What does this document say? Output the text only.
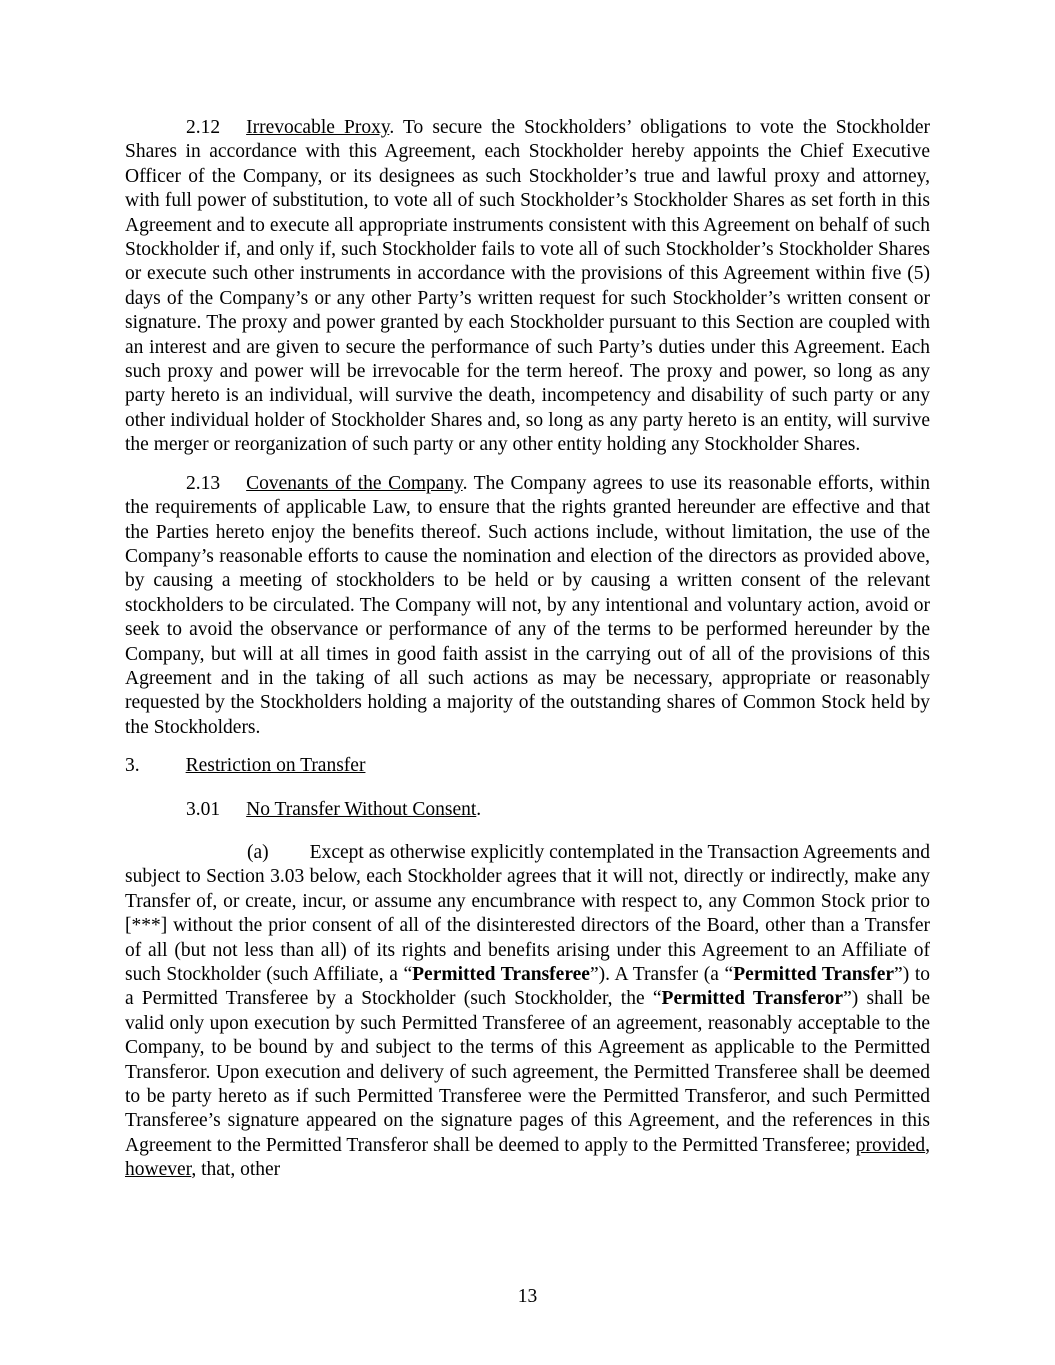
2.12 Irrevocable Proxy. To secure the Stockholders’ obligations to vote the Stockholder Shares in accordance with this Agreement, each Stockholder hereby appoints the Chief Executive Officer of the Company, or its designees as such Stockholder’s true and lawful proxy and attorney, with full power of substitution, to vote all of such Stockholder’s Stockholder Shares as set forth in this Agreement and to execute all appropriate instruments consistent with this Agreement on behalf of such Stockholder if, and only if, such Stockholder fails to vote all of such Stockholder’s Stockholder Shares or execute such other instruments in accordance with the provisions of this Agreement within five (5) days of the Company’s or any other Party’s written request for such Stockholder’s written consent or signature. The proxy and power granted by each Stockholder pursuant to this Section are coupled with an interest and are given to secure the performance of such Party’s duties under this Agreement. Each such proxy and power will be irrevocable for the term hereof. The proxy and power, so long as any party hereto is an individual, will survive the death, incompetency and disability of such party or any other individual holder of Stockholder Shares and, so long as any party hereto is an entity, will survive the merger or reorganization of such party or any other entity holding any Stockholder Shares.

2.13 Covenants of the Company. The Company agrees to use its reasonable efforts, within the requirements of applicable Law, to ensure that the rights granted hereunder are effective and that the Parties hereto enjoy the benefits thereof. Such actions include, without limitation, the use of the Company’s reasonable efforts to cause the nomination and election of the directors as provided above, by causing a meeting of stockholders to be held or by causing a written consent of the relevant stockholders to be circulated. The Company will not, by any intentional and voluntary action, avoid or seek to avoid the observance or performance of any of the terms to be performed hereunder by the Company, but will at all times in good faith assist in the carrying out of all of the provisions of this Agreement and in the taking of all such actions as may be necessary, appropriate or reasonably requested by the Stockholders holding a majority of the outstanding shares of Common Stock held by the Stockholders.

3. Restriction on Transfer

3.01 No Transfer Without Consent.

(a) Except as otherwise explicitly contemplated in the Transaction Agreements and subject to Section 3.03 below, each Stockholder agrees that it will not, directly or indirectly, make any Transfer of, or create, incur, or assume any encumbrance with respect to, any Common Stock prior to [***] without the prior consent of all of the disinterested directors of the Board, other than a Transfer of all (but not less than all) of its rights and benefits arising under this Agreement to an Affiliate of such Stockholder (such Affiliate, a “Permitted Transferee”). A Transfer (a “Permitted Transfer”) to a Permitted Transferee by a Stockholder (such Stockholder, the “Permitted Transferor”) shall be valid only upon execution by such Permitted Transferee of an agreement, reasonably acceptable to the Company, to be bound by and subject to the terms of this Agreement as applicable to the Permitted Transferor. Upon execution and delivery of such agreement, the Permitted Transferee shall be deemed to be party hereto as if such Permitted Transferee were the Permitted Transferor, and such Permitted Transferee’s signature appeared on the signature pages of this Agreement, and the references in this Agreement to the Permitted Transferor shall be deemed to apply to the Permitted Transferee; provided, however, that, other

13
